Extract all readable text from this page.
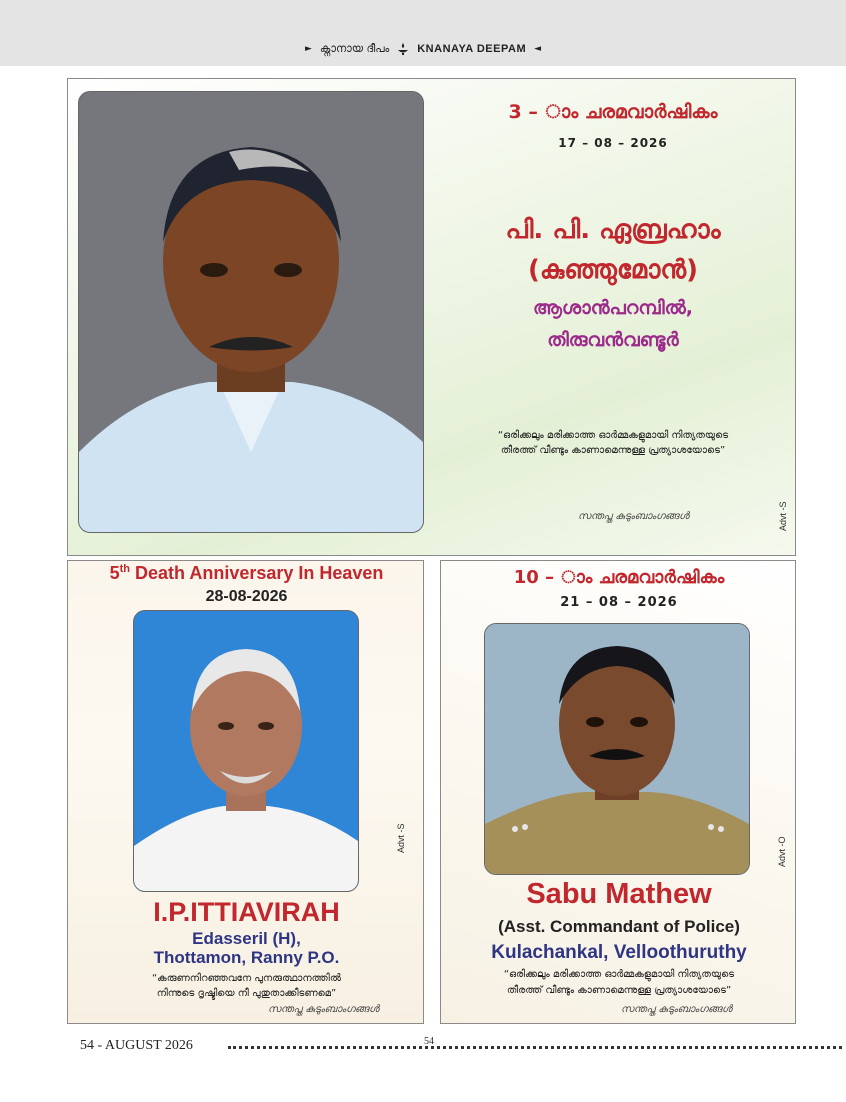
► ക്നാനായ ദീപം	KNANAYA DEEPAM ◄
3 – ാം ചരമവാർഷികം
17 – 08 – 2026
പി. പി. ഏബ്രഹാം
(കുഞ്ഞുമോൻ)
ആശാൻപറമ്പിൽ,
തിരുവൻവണ്ടൂർ
“ഒരിക്കലും മരിക്കാത്ത ഓർമ്മകളുമായി നിത്യതയുടെ
തീരത്ത് വീണ്ടും കാണാമെന്നുള്ള പ്രത്യാശയോടെ”
സന്തപ്ത കുടുംബാംഗങ്ങൾ	Advt -S
5th Death Anniversary In Heaven
28-08-2026
Advt -S
I.P.ITTIAVIRAH
Edasseril (H),
Thottamon, Ranny P.O.
“കരുണനിറഞ്ഞവനേ പുനരുത്ഥാനത്തിൽ
നിന്നുടെ ദൃഷ്ടിയെ നീ പുതുതാക്കീടണമെ”
സന്തപ്ത കുടുംബാംഗങ്ങൾ
10 – ാം ചരമവാർഷികം
21 – 08 – 2026
Advt -O
Sabu Mathew
(Asst. Commandant of Police)
Kulachankal, Velloothuruthy
“ഒരിക്കലും മരിക്കാത്ത ഓർമ്മകളുമായി നിത്യതയുടെ
തീരത്ത് വീണ്ടും കാണാമെന്നുള്ള പ്രത്യാശയോടെ”
സന്തപ്ത കുടുംബാംഗങ്ങൾ
54 - AUGUST 2026	54
